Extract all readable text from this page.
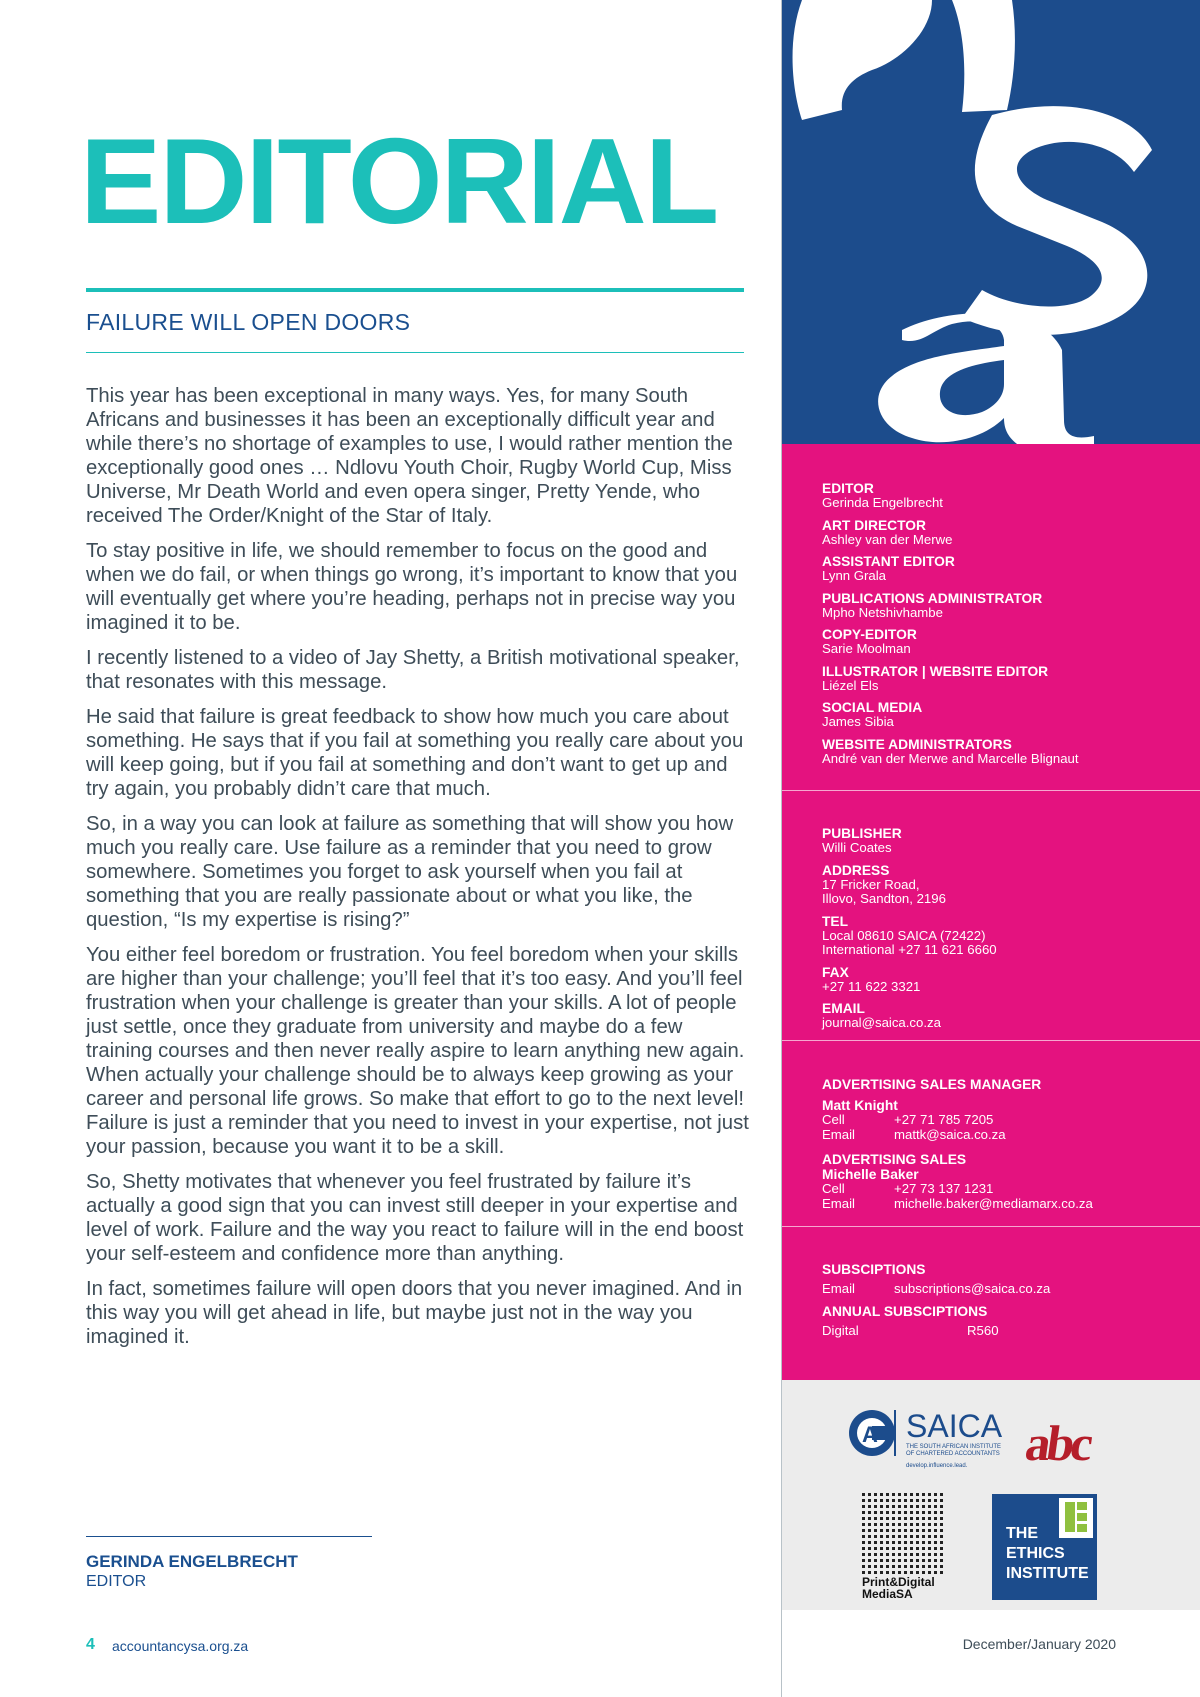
EDITORIAL
FAILURE WILL OPEN DOORS

This year has been exceptional in many ways. Yes, for many South Africans and businesses it has been an exceptionally difficult year and while there’s no shortage of examples to use, I would rather mention the exceptionally good ones … Ndlovu Youth Choir, Rugby World Cup, Miss Universe, Mr Death World and even opera singer, Pretty Yende, who received The Order/Knight of the Star of Italy.

To stay positive in life, we should remember to focus on the good and when we do fail, or when things go wrong, it’s important to know that you will eventually get where you’re heading, perhaps not in precise way you imagined it to be.

I recently listened to a video of Jay Shetty, a British motivational speaker, that resonates with this message.

He said that failure is great feedback to show how much you care about something. He says that if you fail at something you really care about you will keep going, but if you fail at something and don’t want to get up and try again, you probably didn’t care that much.

So, in a way you can look at failure as something that will show you how much you really care. Use failure as a reminder that you need to grow somewhere. Sometimes you forget to ask yourself when you fail at something that you are really passionate about or what you like, the question, “Is my expertise is rising?”

You either feel boredom or frustration. You feel boredom when your skills are higher than your challenge; you’ll feel that it’s too easy. And you’ll feel frustration when your challenge is greater than your skills. A lot of people just settle, once they graduate from university and maybe do a few training courses and then never really aspire to learn anything new again. When actually your challenge should be to always keep growing as your career and personal life grows. So make that effort to go to the next level! Failure is just a reminder that you need to invest in your expertise, not just your passion, because you want it to be a skill.

So, Shetty motivates that whenever you feel frustrated by failure it’s actually a good sign that you can invest still deeper in your expertise and level of work. Failure and the way you react to failure will in the end boost your self-esteem and confidence more than anything.

In fact, sometimes failure will open doors that you never imagined. And in this way you will get ahead in life, but maybe just not in the way you imagined it.

GERINDA ENGELBRECHT
EDITOR
4 accountancysa.org.za	December/January 2020
EDITOR
Gerinda Engelbrecht
ART DIRECTOR
Ashley van der Merwe
ASSISTANT EDITOR
Lynn Grala
PUBLICATIONS ADMINISTRATOR
Mpho Netshivhambe
COPY-EDITOR
Sarie Moolman
ILLUSTRATOR | WEBSITE EDITOR
Liézel Els
SOCIAL MEDIA
James Sibia
WEBSITE ADMINISTRATORS
André van der Merwe and Marcelle Blignaut
PUBLISHER
Willi Coates
ADDRESS
17 Fricker Road,
Illovo, Sandton, 2196
TEL
Local 08610 SAICA (72422)
International +27 11 621 6660
FAX
+27 11 622 3321
EMAIL
journal@saica.co.za
ADVERTISING SALES MANAGER
Matt Knight
Cell	+27 71 785 7205
Email	mattk@saica.co.za
ADVERTISING SALES
Michelle Baker
Cell	+27 73 137 1231
Email	michelle.baker@mediamarx.co.za
SUBSCIPTIONS
Email	subscriptions@saica.co.za
ANNUAL SUBSCIPTIONS
Digital	R560
A SAICA
THE SOUTH AFRICAN INSTITUTE
OF CHARTERED ACCOUNTANTS
develop.influence.lead. abc
Print&Digital
MediaSA
THE
ETHICS
INSTITUTE
